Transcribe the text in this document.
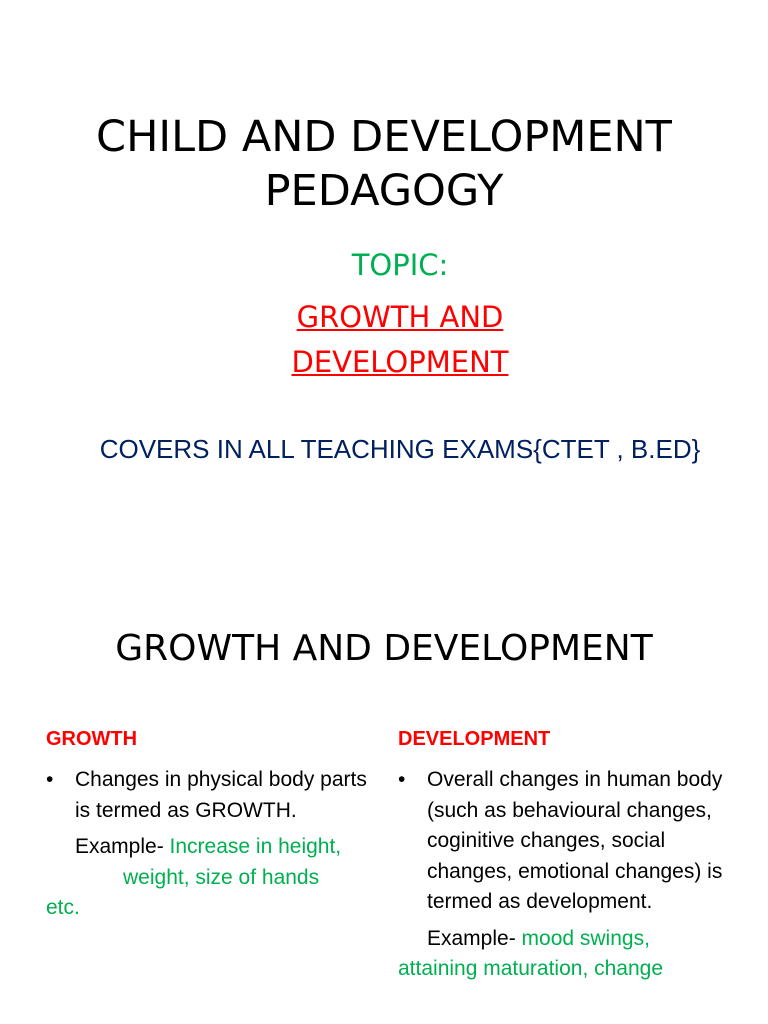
CHILD AND DEVELOPMENT
PEDAGOGY
TOPIC:
GROWTH AND
DEVELOPMENT
COVERS IN ALL TEACHING EXAMS{CTET , B.ED}
GROWTH AND DEVELOPMENT
GROWTH
• Changes in physical body parts is termed as GROWTH.
Example- Increase in height,
weight, size of hands
etc.
DEVELOPMENT
• Overall changes in human body (such as behavioural changes, coginitive changes, social changes, emotional changes) is termed as development.
Example- mood swings,
attaining maturation, change
